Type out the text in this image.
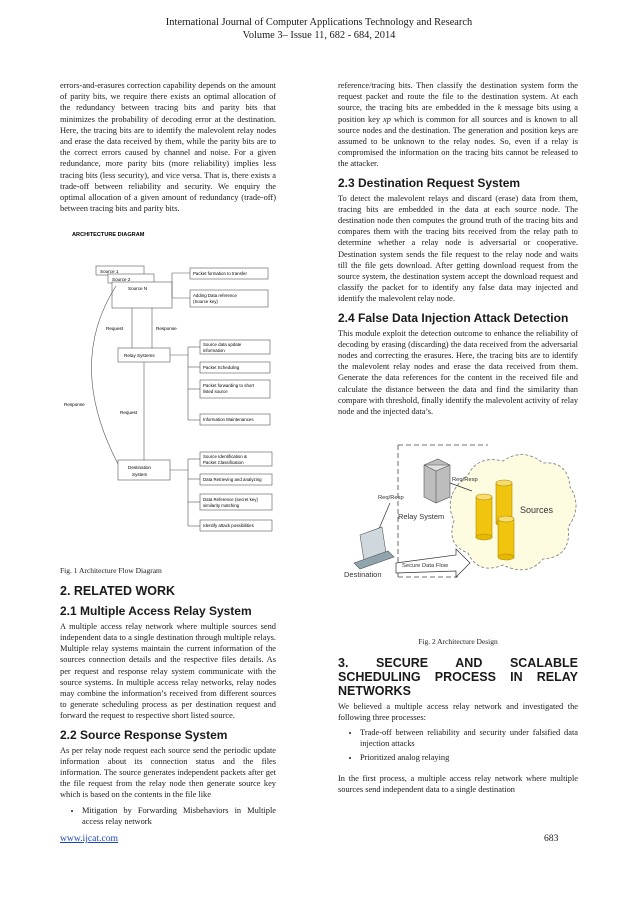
International Journal of Computer Applications Technology and Research
Volume 3– Issue 11, 682 - 684, 2014

errors-and-erasures correction capability depends on the amount of parity bits, we require there exists an optimal allocation of the redundancy between tracing bits and parity bits that minimizes the probability of decoding error at the destination. Here, the tracing bits are to identify the malevolent relay nodes and erase the data received by them, while the parity bits are to the correct errors caused by channel and noise. For a given redundance, more parity bits (more reliability) implies less tracing bits (less security), and vice versa. That is, there exists a trade-off between reliability and security. We enquiry the optimal allocation of a given amount of redundancy (trade-off) between tracing bits and parity bits.

ARCHITECTURE DIAGRAM
Source 1
Source 2
Source N
Packet formation to transfer
Adding Data reference
(Source key)
Request	Response
Relay Systems
Source data update
information
Packet Scheduling
Packet forwarding to short
listed source
Information Maintenances
Request
Response
Destination
System
Source Identification &
Packet Classification
Data Retrieving and analyzing
Data Reference (secret key)
similarity matching
Identify attack possibilities
Fig. 1 Architecture Flow Diagram
2. RELATED WORK
2.1 Multiple Access Relay System

A multiple access relay network where multiple sources send independent data to a single destination through multiple relays. Multiple relay systems maintain the current information of the sources connection details and the respective files details. As per request and response relay system communicate with the source systems. In multiple access relay networks, relay nodes may combine the information’s received from different sources to generate scheduling process as per destination request and forward the request to respective short listed source.

2.2 Source Response System

As per relay node request each source send the periodic update information about its connection status and the files information. The source generates independent packets after get the file request from the relay node then generate source key which is based on the contents in the file like

• Mitigation by Forwarding Misbehaviors in Multiple access relay network

reference/tracing bits. Then classify the destination system form the request packet and route the file to the destination system. At each source, the tracing bits are embedded in the k message bits using a position key xp which is common for all sources and is known to all source nodes and the destination. The generation and position keys are assumed to be unknown to the relay nodes. So, even if a relay is compromised the information on the tracing bits cannot be released to the attacker.

2.3 Destination Request System

To detect the malevolent relays and discard (erase) data from them, tracing bits are embedded in the data at each source node. The destination node then computes the ground truth of the tracing bits and compares them with the tracing bits received from the relay path to determine whether a relay node is adversarial or cooperative. Destination system sends the file request to the relay node and waits till the file gets download. After getting download request from the source system, the destination system accept the download request and classify the packet for to identify any false data may injected and identify the malevolent relay node.

2.4 False Data Injection Attack Detection

This module exploit the detection outcome to enhance the reliability of decoding by erasing (discarding) the data received from the adversarial nodes and correcting the erasures. Here, the tracing bits are to identify the malevolent relay nodes and erase the data received from them. Generate the data references for the content in the received file and calculate the distance between the data and find the similarity than compare with threshold, finally identify the malevolent activity of relay node and the injected data’s.

Sources
Relay System
Req/Resp
Req/Resp
Destination
Secure Data Flow
Fig. 2 Architecture Design
3. SECURE AND SCALABLE SCHEDULING PROCESS IN RELAY NETWORKS

We believed a multiple access relay network and investigated the following three processes:

• Trade-off between reliability and security under falsified data injection attacks
• Prioritized analog relaying

In the first process, a multiple access relay network where multiple sources send independent data to a single destination

www.ijcat.com	683
